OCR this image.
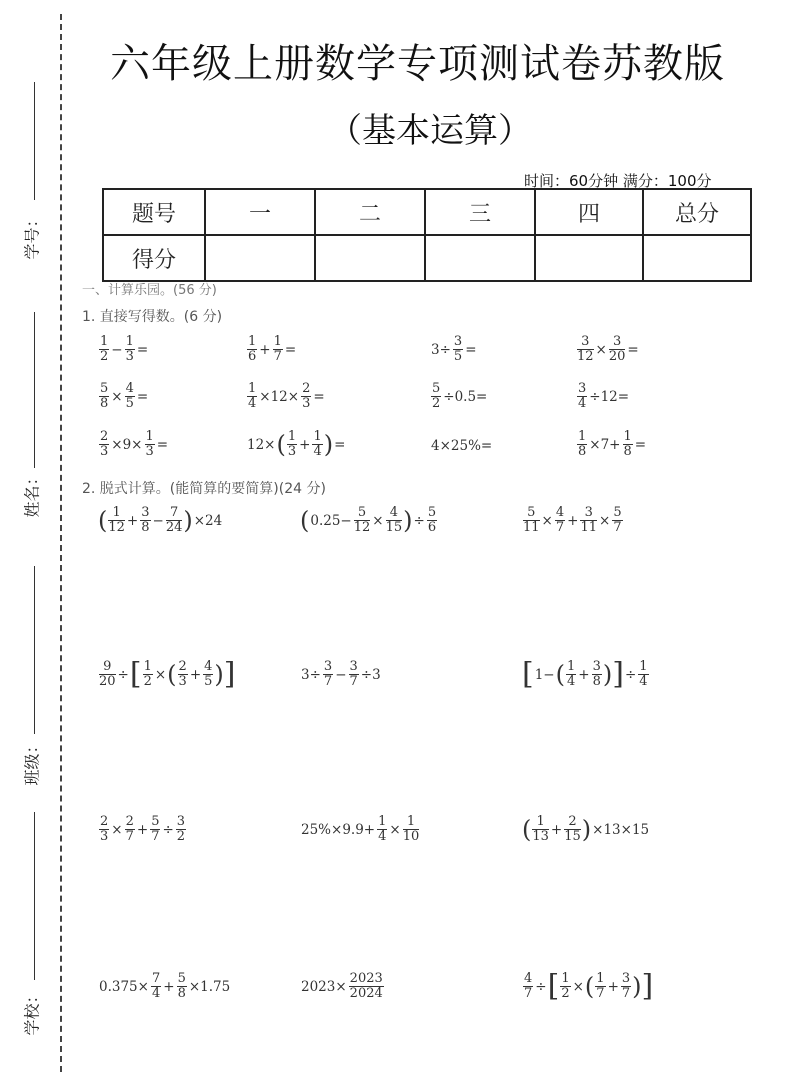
学号：
姓名：
班级：
学校：
六年级上册数学专项测试卷苏教版
（基本运算）
时间：60分钟 满分：100分
题号	一	二	三	四	总分
得分					
一、计算乐园。(56 分)
1. 直接写得数。(6 分)
$\frac{1}{2} - \frac{1}{3}$ =	$\frac{1}{6} + \frac{1}{7}$ =	$3\div \frac{3}{5}$ =	$\frac{3}{12} \times \frac{3}{20}$ =
$\frac{5}{8} \times \frac{4}{5}$ =	$\frac{1}{4} \times 12\times \frac{2}{3}$ =	$\frac{5}{2} \div 0.5=$	$\frac{3}{4} \div 12=$
$\frac{2}{3} \times 9\times \frac{1}{3}$ =	$12\times( \frac{1}{3} + \frac{1}{4}$ )=	4×25%=	$\frac{1}{8} \times 7+ \frac{1}{8}$ =
2. 脱式计算。(能简算的要简算)(24 分)
( $\frac{1}{12} + \frac{3}{8} - \frac{7}{24} )\times 24$	($0.25- \frac{5}{12} \times \frac{4}{15}$ )÷ $\frac{5}{6}$	$\frac{5}{11} \times \frac{4}{7} + \frac{3}{11} \times \frac{5}{7}$
$\frac{9}{20}$ ÷[ $\frac{1}{2}$ ×( $\frac{2}{3} + \frac{4}{5}$ )]	$3\div \frac{3}{7} - \frac{3}{7} \div 3$	[$1-( \frac{1}{4} + \frac{3}{8}$ )]÷ $\frac{1}{4}$
$\frac{2}{3} \times \frac{2}{7} + \frac{5}{7} \div \frac{3}{2}$	$25\%\times 9.9+ \frac{1}{4} \times \frac{1}{10}$	( $\frac{1}{13} + \frac{2}{15} )\times 13\times 15$
$0.375\times \frac{7}{4} + \frac{5}{8} \times 1.75$	$2023\times \frac{2023}{2024}$	$\frac{4}{7}$ ÷[ $\frac{1}{2}$ ×( $\frac{1}{7} + \frac{3}{7}$ )]
